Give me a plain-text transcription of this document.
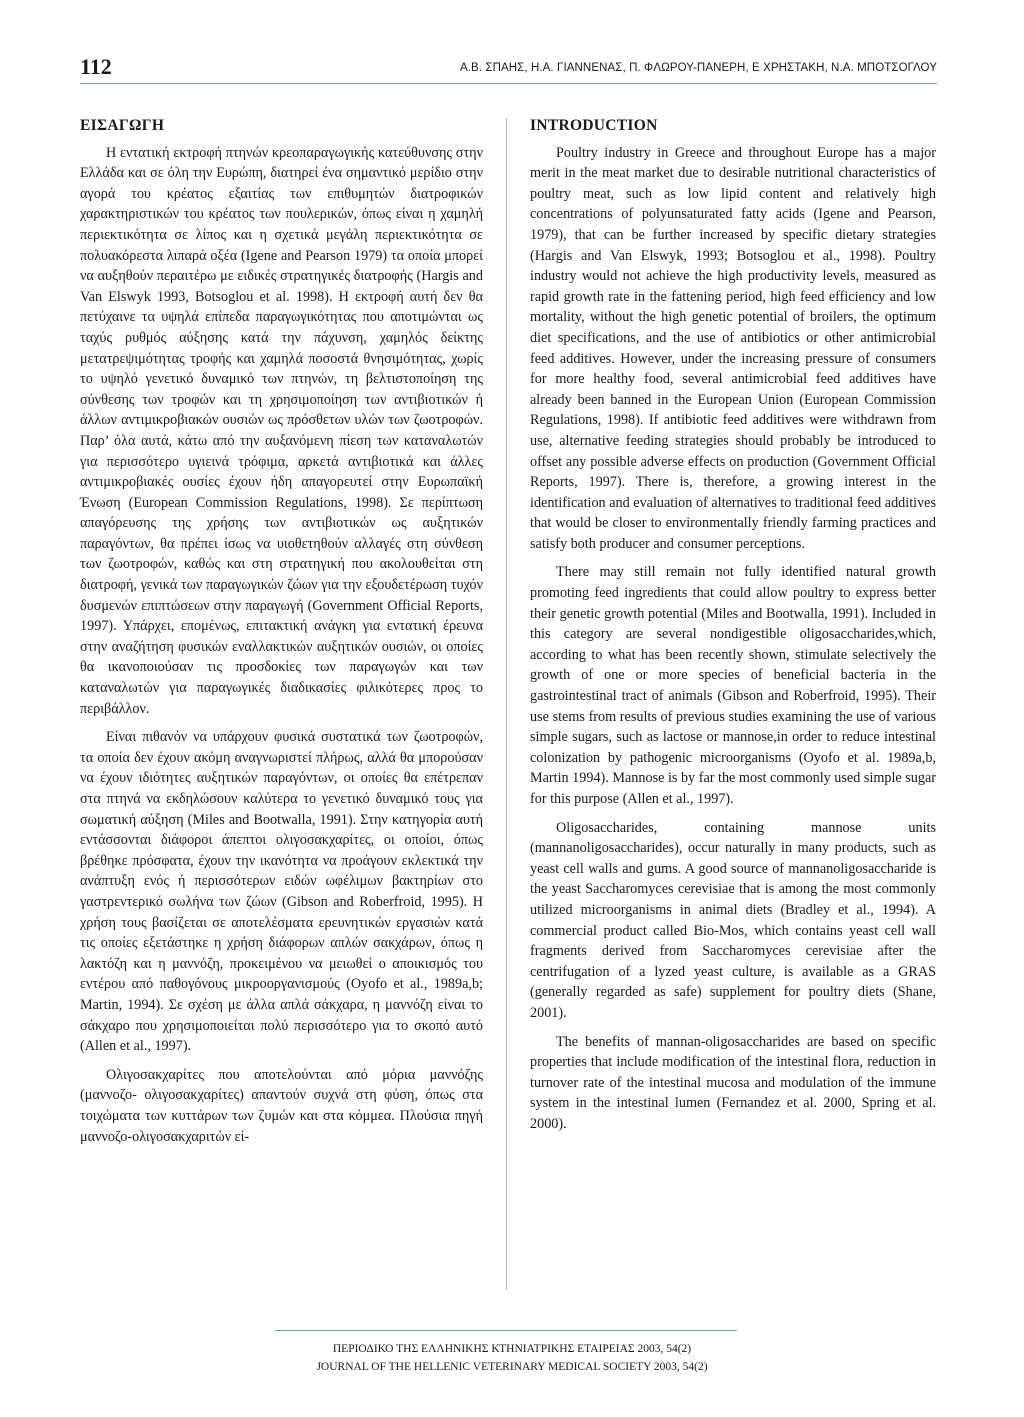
112	Α.Β. ΣΠΑΗΣ, Η.Α. ΓΙΑΝΝΕΝΑΣ, Π. ΦΛΩΡΟΥ-ΠΑΝΕΡΗ, Ε ΧΡΗΣΤΑΚΗ, Ν.Α. ΜΠΟΤΣΟΓΛΟΥ
ΕΙΣΑΓΩΓΗ

Η εντατική εκτροφή πτηνών κρεοπαραγωγικής κατεύθυνσης στην Ελλάδα και σε όλη την Ευρώπη, διατηρεί ένα σημαντικό μερίδιο στην αγορά του κρέατος εξαιτίας των επιθυμητών διατροφικών χαρακτηριστικών του κρέατος των πουλερικών, όπως είναι η χαμηλή περιεκτικότητα σε λίπος και η σχετικά μεγάλη περιεκτικότητα σε πολυακόρεστα λιπαρά οξέα (Igene and Pearson 1979) τα οποία μπορεί να αυξηθούν περαιτέρω με ειδικές στρατηγικές διατροφής (Hargis and Van Elswyk 1993, Botsoglou et al. 1998). Η εκτροφή αυτή δεν θα πετύχαινε τα υψηλά επίπεδα παραγωγικότητας που αποτιμώνται ως ταχύς ρυθμός αύξησης κατά την πάχυνση, χαμηλός δείκτης μετατρεψιμότητας τροφής και χαμηλά ποσοστά θνησιμότητας, χωρίς το υψηλό γενετικό δυναμικό των πτηνών, τη βελτιστοποίηση της σύνθεσης των τροφών και τη χρησιμοποίηση των αντιβιοτικών ή άλλων αντιμικροβιακών ουσιών ως πρόσθετων υλών των ζωοτροφών. Παρ’ όλα αυτά, κάτω από την αυξανόμενη πίεση των καταναλωτών για περισσότερο υγιεινά τρόφιμα, αρκετά αντιβιοτικά και άλλες αντιμικροβιακές ουσίες έχουν ήδη απαγορευτεί στην Ευρωπαϊκή Ένωση (European Commission Regulations, 1998). Σε περίπτωση απαγόρευσης της χρήσης των αντιβιοτικών ως αυξητικών παραγόντων, θα πρέπει ίσως να υιοθετηθούν αλλαγές στη σύνθεση των ζωοτροφών, καθώς και στη στρατηγική που ακολουθείται στη διατροφή, γενικά των παραγωγικών ζώων για την εξουδετέρωση τυχόν δυσμενών επιπτώσεων στην παραγωγή (Government Official Reports, 1997). Υπάρχει, επομένως, επιτακτική ανάγκη για εντατική έρευνα στην αναζήτηση φυσικών εναλλακτικών αυξητικών ουσιών, οι οποίες θα ικανοποιούσαν τις προσδοκίες των παραγωγών και των καταναλωτών για παραγωγικές διαδικασίες φιλικότερες προς το περιβάλλον.

Είναι πιθανόν να υπάρχουν φυσικά συστατικά των ζωοτροφών, τα οποία δεν έχουν ακόμη αναγνωριστεί πλήρως, αλλά θα μπορούσαν να έχουν ιδιότητες αυξητικών παραγόντων, οι οποίες θα επέτρεπαν στα πτηνά να εκδηλώσουν καλύτερα το γενετικό δυναμικό τους για σωματική αύξηση (Miles and Bootwalla, 1991). Στην κατηγορία αυτή εντάσσονται διάφοροι άπεπτοι ολιγοσακχαρίτες, οι οποίοι, όπως βρέθηκε πρόσφατα, έχουν την ικανότητα να προάγουν εκλεκτικά την ανάπτυξη ενός ή περισσότερων ειδών ωφέλιμων βακτηρίων στο γαστρεντερικό σωλήνα των ζώων (Gibson and Roberfroid, 1995). Η χρήση τους βασίζεται σε αποτελέσματα ερευνητικών εργασιών κατά τις οποίες εξετάστηκε η χρήση διάφορων απλών σακχάρων, όπως η λακτόζη και η μαννόζη, προκειμένου να μειωθεί ο αποικισμός του εντέρου από παθογόνους μικροοργανισμούς (Oyofo et al., 1989a,b; Martin, 1994). Σε σχέση με άλλα απλά σάκχαρα, η μαννόζη είναι το σάκχαρο που χρησιμοποιείται πολύ περισσότερο για το σκοπό αυτό (Allen et al., 1997).

Ολιγοσακχαρίτες που αποτελούνται από μόρια μαννόζης (μαννοζο- ολιγοσακχαρίτες) απαντούν συχνά στη φύση, όπως στα τοιχώματα των κυττάρων των ζυμών και στα κόμμεα. Πλούσια πηγή μαννοζο-ολιγοσακχαριτών εί-

INTRODUCTION

Poultry industry in Greece and throughout Europe has a major merit in the meat market due to desirable nutritional characteristics of poultry meat, such as low lipid content and relatively high concentrations of polyunsaturated fatty acids (Igene and Pearson, 1979), that can be further increased by specific dietary strategies (Hargis and Van Elswyk, 1993; Botsoglou et al., 1998). Poultry industry would not achieve the high productivity levels, measured as rapid growth rate in the fattening period, high feed efficiency and low mortality, without the high genetic potential of broilers, the optimum diet specifications, and the use of antibiotics or other antimicrobial feed additives. However, under the increasing pressure of consumers for more healthy food, several antimicrobial feed additives have already been banned in the European Union (European Commission Regulations, 1998). If antibiotic feed additives were withdrawn from use, alternative feeding strategies should probably be introduced to offset any possible adverse effects on production (Government Official Reports, 1997). There is, therefore, a growing interest in the identification and evaluation of alternatives to traditional feed additives that would be closer to environmentally friendly farming practices and satisfy both producer and consumer perceptions.

There may still remain not fully identified natural growth promoting feed ingredients that could allow poultry to express better their genetic growth potential (Miles and Bootwalla, 1991). Included in this category are several nondigestible oligosaccharides,which, according to what has been recently shown, stimulate selectively the growth of one or more species of beneficial bacteria in the gastrointestinal tract of animals (Gibson and Roberfroid, 1995). Their use stems from results of previous studies examining the use of various simple sugars, such as lactose or mannose,in order to reduce intestinal colonization by pathogenic microorganisms (Oyofo et al. 1989a,b, Martin 1994). Mannose is by far the most commonly used simple sugar for this purpose (Allen et al., 1997).

Oligosaccharides, containing mannose units (mannanoligosaccharides), occur naturally in many products, such as yeast cell walls and gums. A good source of mannanoligosaccharide is the yeast Saccharomyces cerevisiae that is among the most commonly utilized microorganisms in animal diets (Bradley et al., 1994). A commercial product called Bio-Mos, which contains yeast cell wall fragments derived from Saccharomyces cerevisiae after the centrifugation of a lyzed yeast culture, is available as a GRAS (generally regarded as safe) supplement for poultry diets (Shane, 2001).

The benefits of mannan-oligosaccharides are based on specific properties that include modification of the intestinal flora, reduction in turnover rate of the intestinal mucosa and modulation of the immune system in the intestinal lumen (Fernandez et al. 2000, Spring et al. 2000).

ΠΕΡΙΟΔΙΚΟ ΤΗΣ ΕΛΛΗΝΙΚΗΣ ΚΤΗΝΙΑΤΡΙΚΗΣ ΕΤΑΙΡΕΙΑΣ 2003, 54(2)
JOURNAL OF THE HELLENIC VETERINARY MEDICAL SOCIETY 2003, 54(2)
